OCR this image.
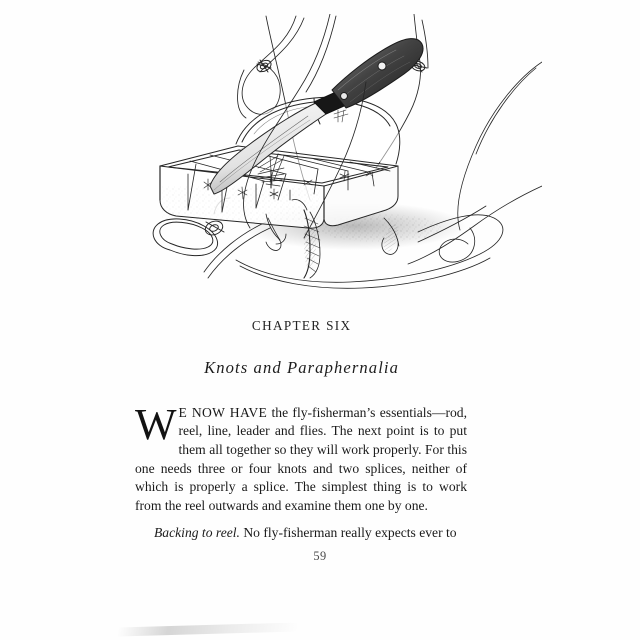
CHAPTER SIX
Knots and Paraphernalia

W E NOW HAVE the fly-fisherman’s essentials—rod, reel, line, leader and flies. The next point is to put them all together so they will work properly. For this one needs three or four knots and two splices, neither of which is properly a splice. The simplest thing is to work from the reel outwards and examine them one by one.

Backing to reel. No fly-fisherman really expects ever to

59
